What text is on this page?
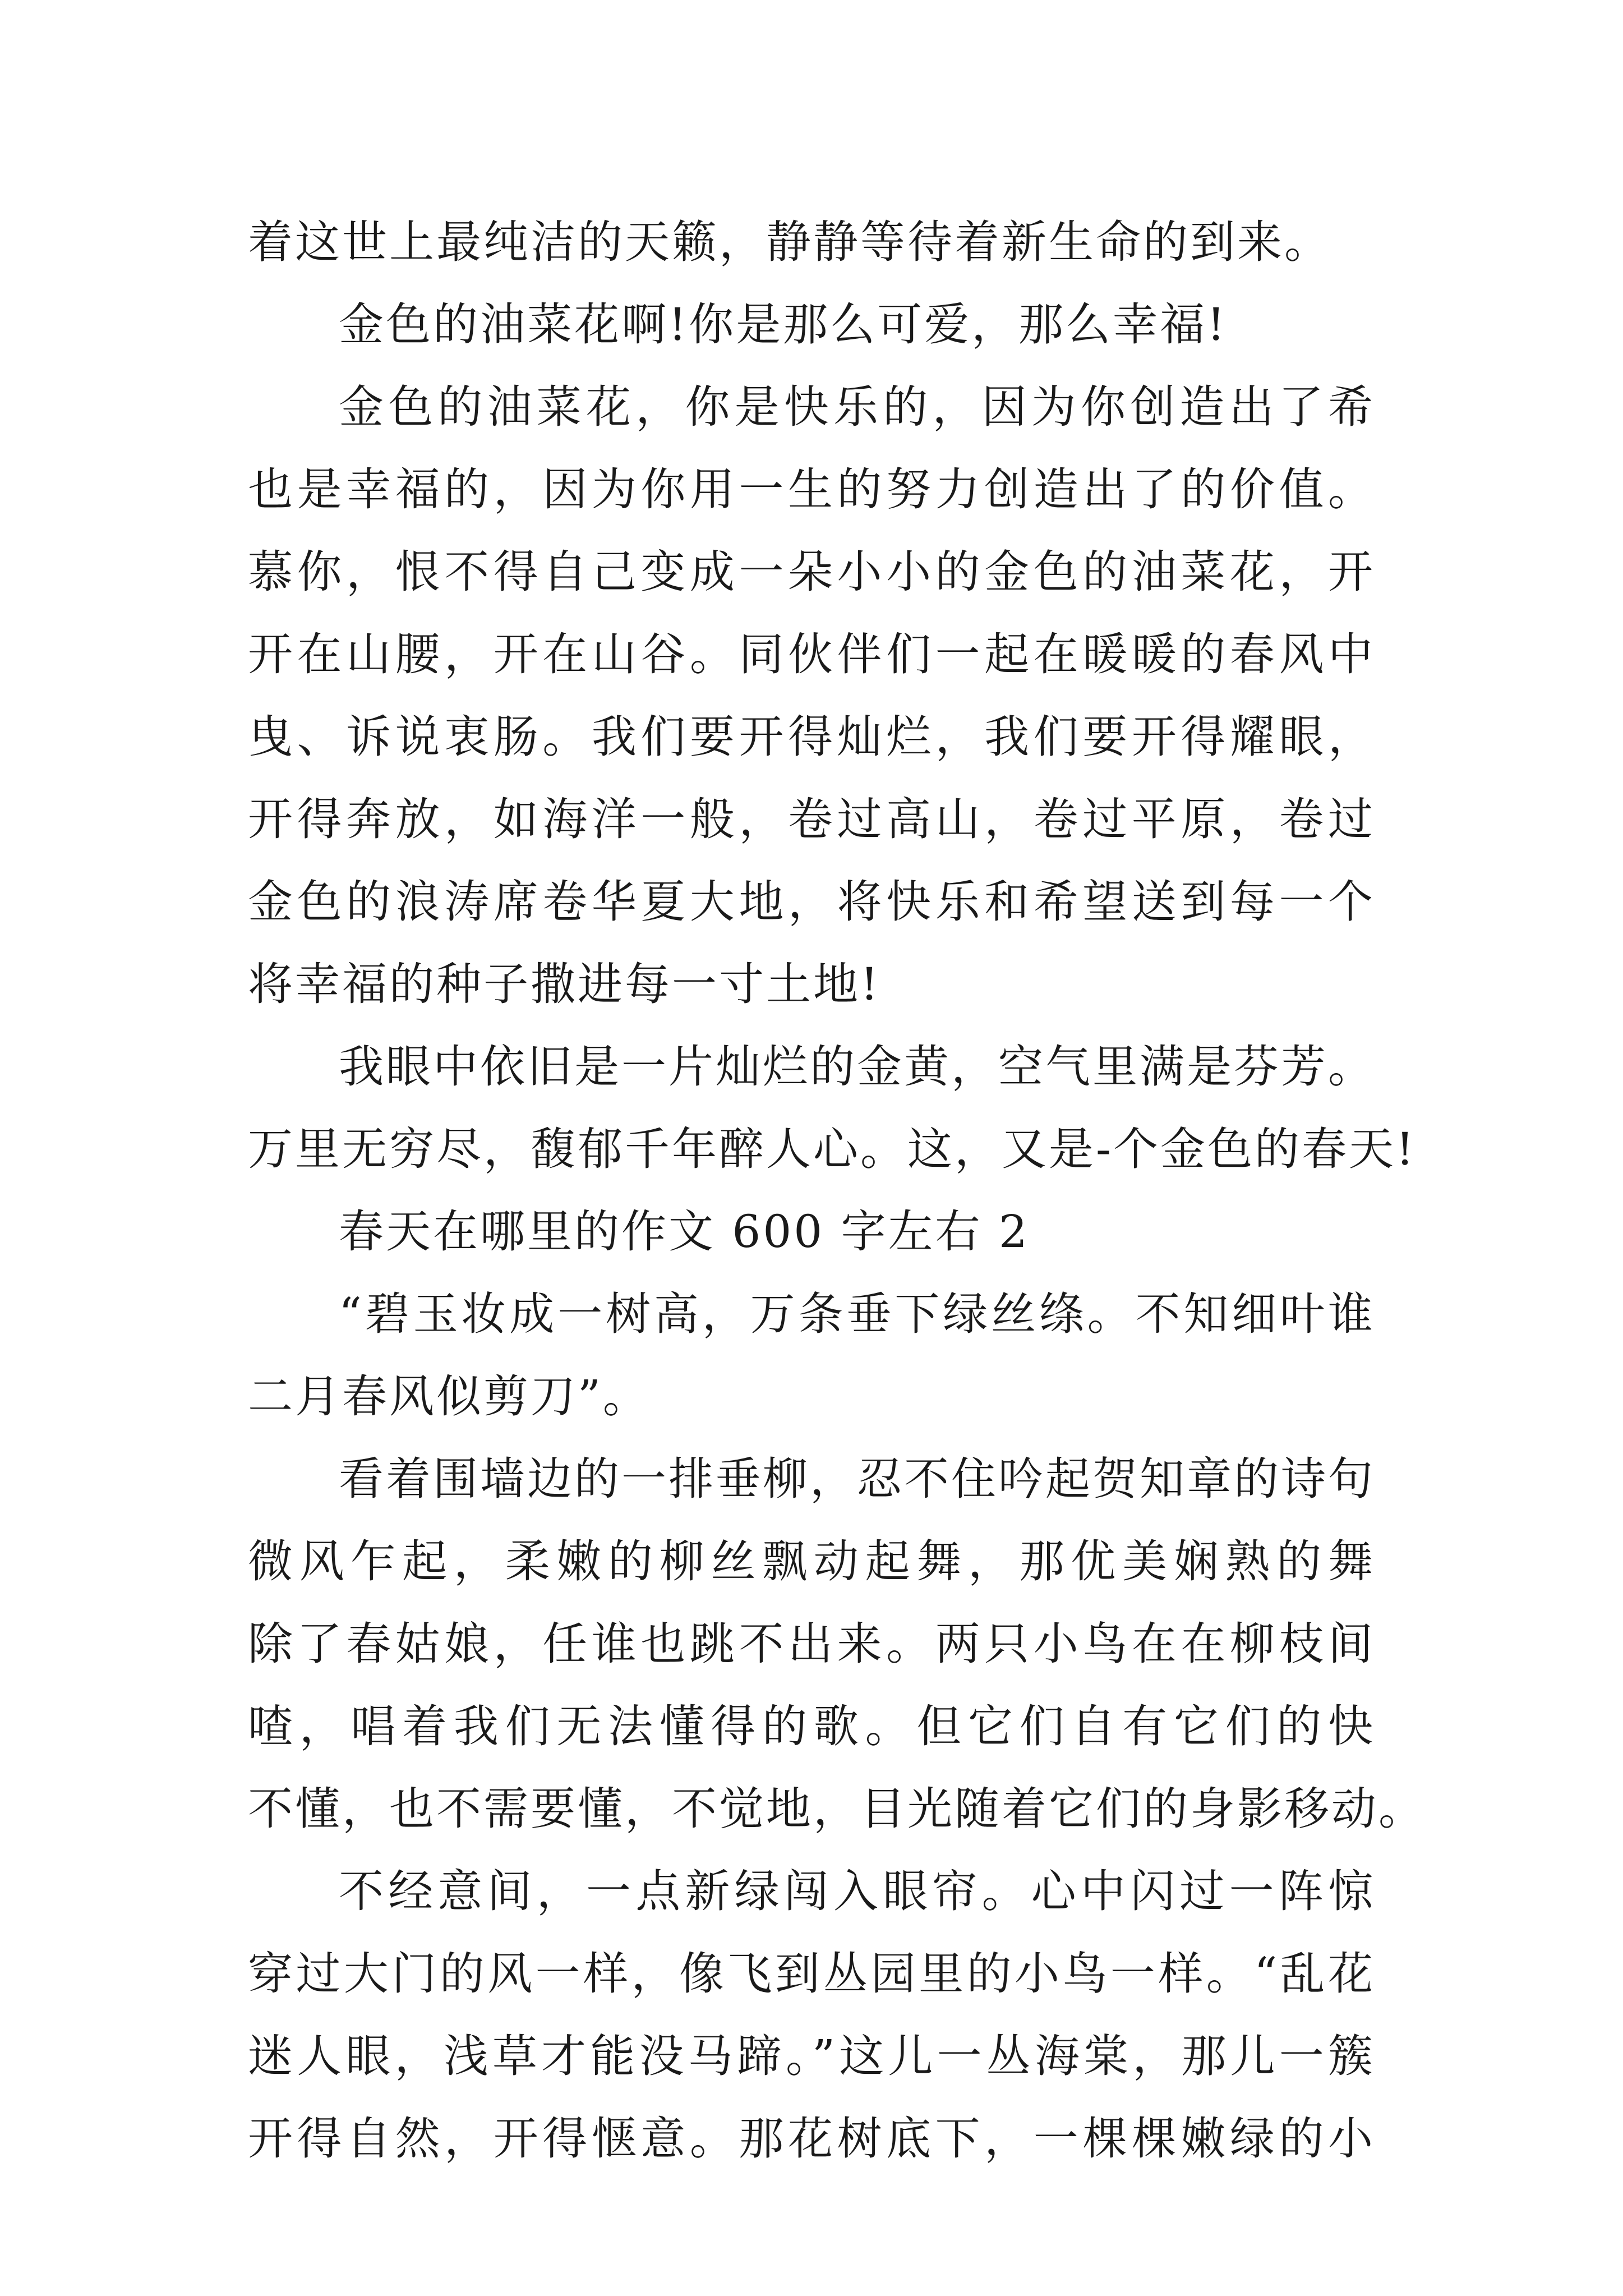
着这世上最纯洁的天籁，静静等待着新生命的到来。
金色的油菜花啊!你是那么可爱，那么幸福!
金色的油菜花，你是快乐的，因为你创造出了希
也是幸福的，因为你用一生的努力创造出了的价值。
慕你，恨不得自己变成一朵小小的金色的油菜花，开
开在山腰，开在山谷。同伙伴们一起在暖暖的春风中
曳、诉说衷肠。我们要开得灿烂，我们要开得耀眼，
开得奔放，如海洋一般，卷过高山，卷过平原，卷过
金色的浪涛席卷华夏大地，将快乐和希望送到每一个
将幸福的种子撒进每一寸土地!
我眼中依旧是一片灿烂的金黄，空气里满是芬芳。
万里无穷尽，馥郁千年醉人心。这，又是-个金色的春天!
春天在哪里的作文 600 字左右 2
“碧玉妆成一树高，万条垂下绿丝绦。不知细叶谁
二月春风似剪刀”。
看着围墙边的一排垂柳，忍不住吟起贺知章的诗句
微风乍起，柔嫩的柳丝飘动起舞，那优美娴熟的舞
除了春姑娘，任谁也跳不出来。两只小鸟在在柳枝间
喳，唱着我们无法懂得的歌。但它们自有它们的快
不懂，也不需要懂，不觉地，目光随着它们的身影移动。
不经意间，一点新绿闯入眼帘。心中闪过一阵惊
穿过大门的风一样，像飞到丛园里的小鸟一样。“乱花
迷人眼，浅草才能没马蹄。”这儿一丛海棠，那儿一簇
开得自然，开得惬意。那花树底下，一棵棵嫩绿的小
